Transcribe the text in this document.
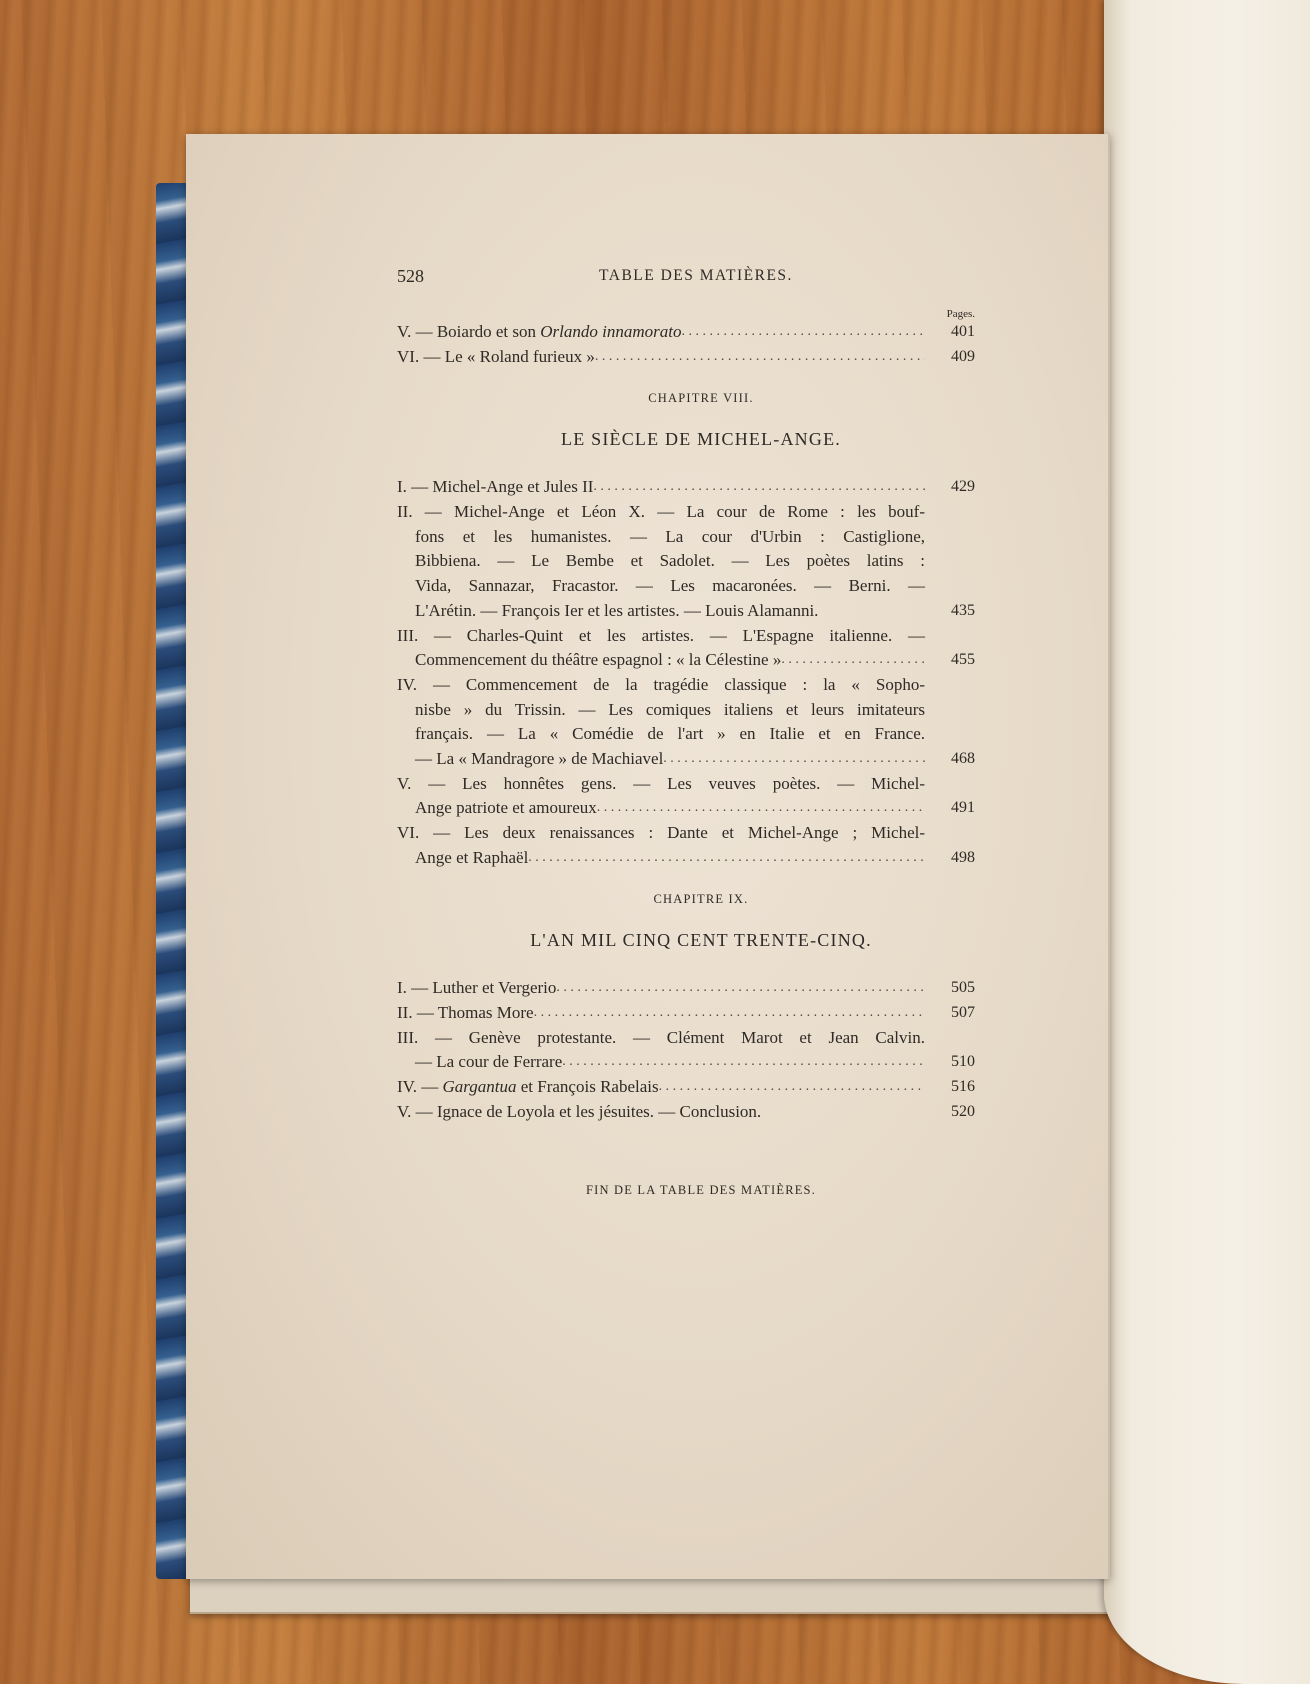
528	TABLE DES MATIÈRES.
Pages.
V. — Boiardo et son Orlando innamorato . . .	401
VI. — Le « Roland furieux » . . .	409
CHAPITRE VIII.
LE SIÈCLE DE MICHEL-ANGE.
I. — Michel-Ange et Jules II . . .	429
II. — Michel-Ange et Léon X. — La cour de Rome : les bouf-
fons et les humanistes. — La cour d'Urbin : Castiglione,
Bibbiena. — Le Bembe et Sadolet. — Les poètes latins :
Vida, Sannazar, Fracastor. — Les macaronées. — Berni. —
L'Arétin. — François Ier et les artistes. — Louis Alamanni.	435
III. — Charles-Quint et les artistes. — L'Espagne italienne. —
Commencement du théâtre espagnol : « la Célestine » . . .	455
IV. — Commencement de la tragédie classique : la « Sopho-
nisbe » du Trissin. — Les comiques italiens et leurs imitateurs
français. — La « Comédie de l'art » en Italie et en France.
— La « Mandragore » de Machiavel . . .	468
V. — Les honnêtes gens. — Les veuves poètes. — Michel-
Ange patriote et amoureux . . .	491
VI. — Les deux renaissances : Dante et Michel-Ange ; Michel-
Ange et Raphaël . . .	498
CHAPITRE IX.
L'AN MIL CINQ CENT TRENTE-CINQ.
I. — Luther et Vergerio . . .	505
II. — Thomas More . . .	507
III. — Genève protestante. — Clément Marot et Jean Calvin.
— La cour de Ferrare . . .	510
IV. — Gargantua et François Rabelais . . .	516
V. — Ignace de Loyola et les jésuites. — Conclusion.	520
FIN DE LA TABLE DES MATIÈRES.
